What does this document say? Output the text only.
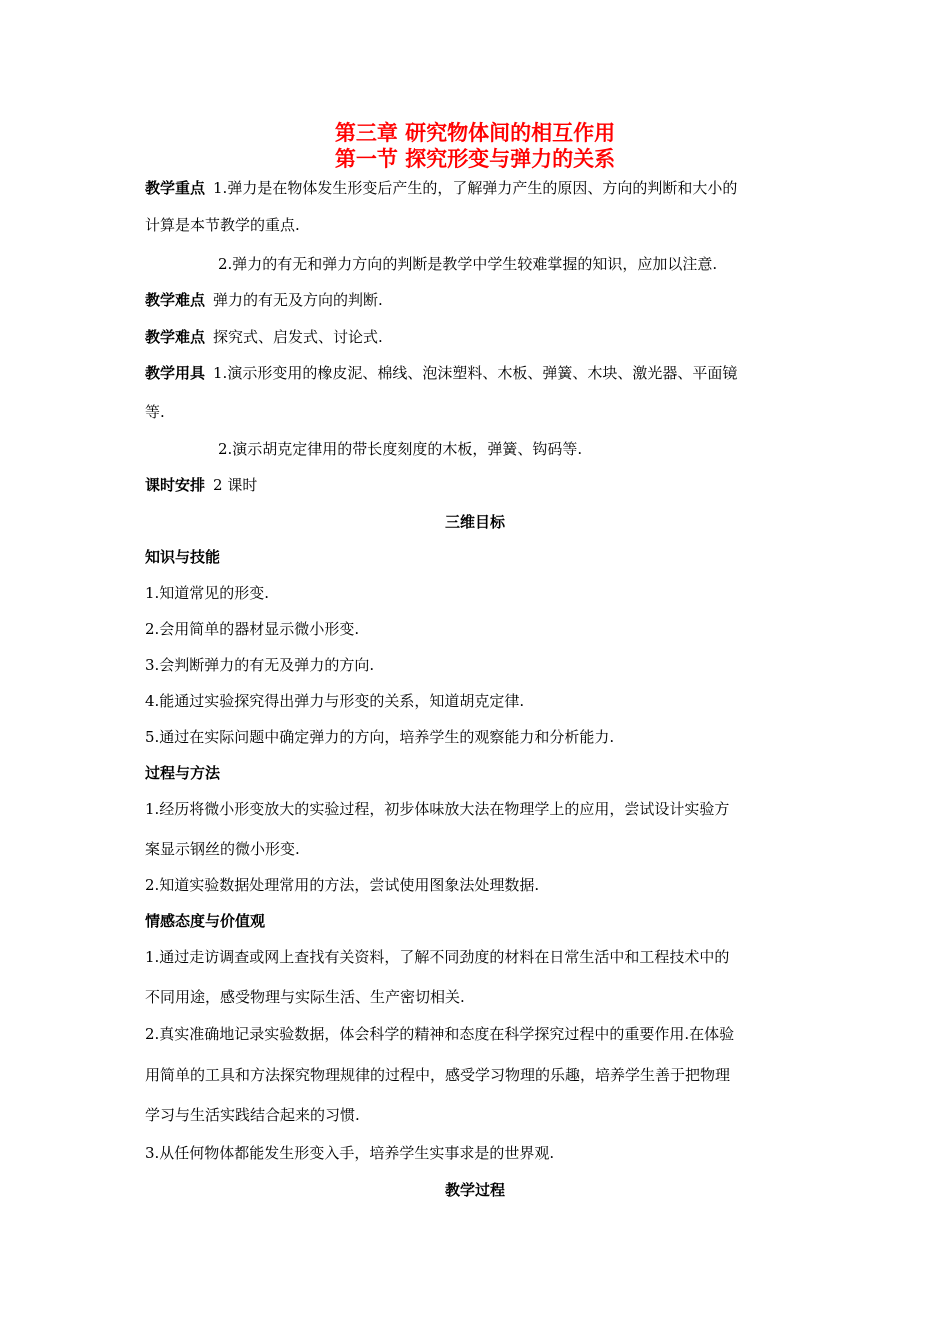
第三章 研究物体间的相互作用
第一节 探究形变与弹力的关系
教学重点 1.弹力是在物体发生形变后产生的，了解弹力产生的原因、方向的判断和大小的
计算是本节教学的重点.
2.弹力的有无和弹力方向的判断是教学中学生较难掌握的知识，应加以注意.
教学难点 弹力的有无及方向的判断.
教学难点 探究式、启发式、讨论式.
教学用具 1.演示形变用的橡皮泥、棉线、泡沫塑料、木板、弹簧、木块、激光器、平面镜
等.
2.演示胡克定律用的带长度刻度的木板，弹簧、钩码等.
课时安排 2 课时
三维目标
知识与技能
1.知道常见的形变.
2.会用简单的器材显示微小形变.
3.会判断弹力的有无及弹力的方向.
4.能通过实验探究得出弹力与形变的关系，知道胡克定律.
5.通过在实际问题中确定弹力的方向，培养学生的观察能力和分析能力.
过程与方法
1.经历将微小形变放大的实验过程，初步体味放大法在物理学上的应用，尝试设计实验方
案显示钢丝的微小形变.
2.知道实验数据处理常用的方法，尝试使用图象法处理数据.
情感态度与价值观
1.通过走访调查或网上查找有关资料，了解不同劲度的材料在日常生活中和工程技术中的
不同用途，感受物理与实际生活、生产密切相关.
2.真实准确地记录实验数据，体会科学的精神和态度在科学探究过程中的重要作用.在体验
用简单的工具和方法探究物理规律的过程中，感受学习物理的乐趣，培养学生善于把物理
学习与生活实践结合起来的习惯.
3.从任何物体都能发生形变入手，培养学生实事求是的世界观.
教学过程
